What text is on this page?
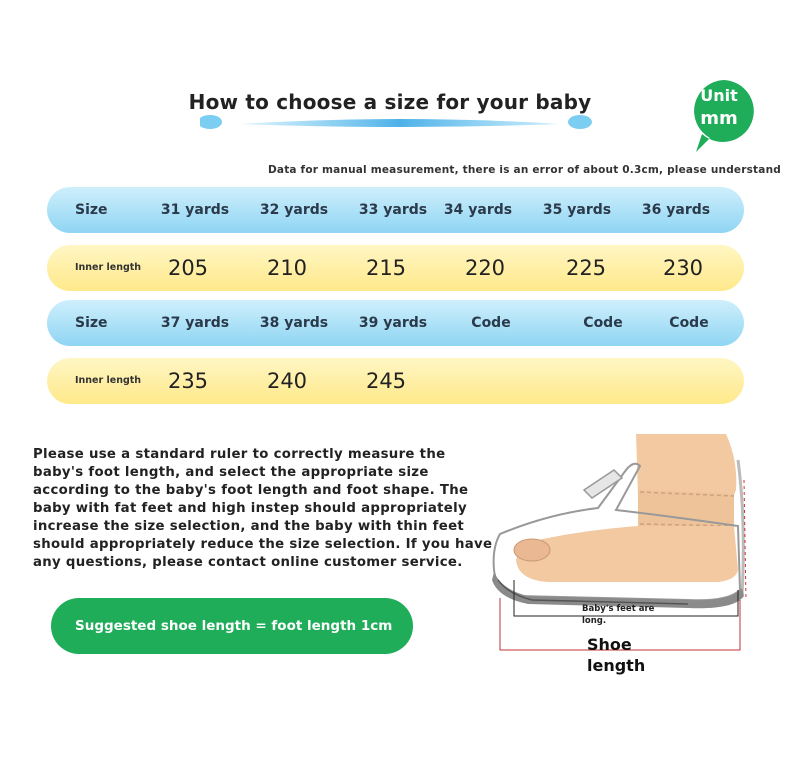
How to choose a size for your baby	Unit
mm
Data for manual measurement, there is an error of about 0.3cm, please understand
Size	31 yards 32 yards 33 yards 34 yards 35 yards 36 yards
Inner length 205	210	215	220	225	230
Size	37 yards 38 yards 39 yards	Code	Code	Code
Inner length 235	240	245
Please use a standard ruler to correctly measure the baby's foot length, and select the appropriate size according to the baby's foot length and foot shape. The baby with fat feet and high instep should appropriately increase the size selection, and the baby with thin feet should appropriately reduce the size selection. If you have any questions, please contact online customer service.
Suggested shoe length = foot length 1cm
Baby's feet are long.
Shoe
length
